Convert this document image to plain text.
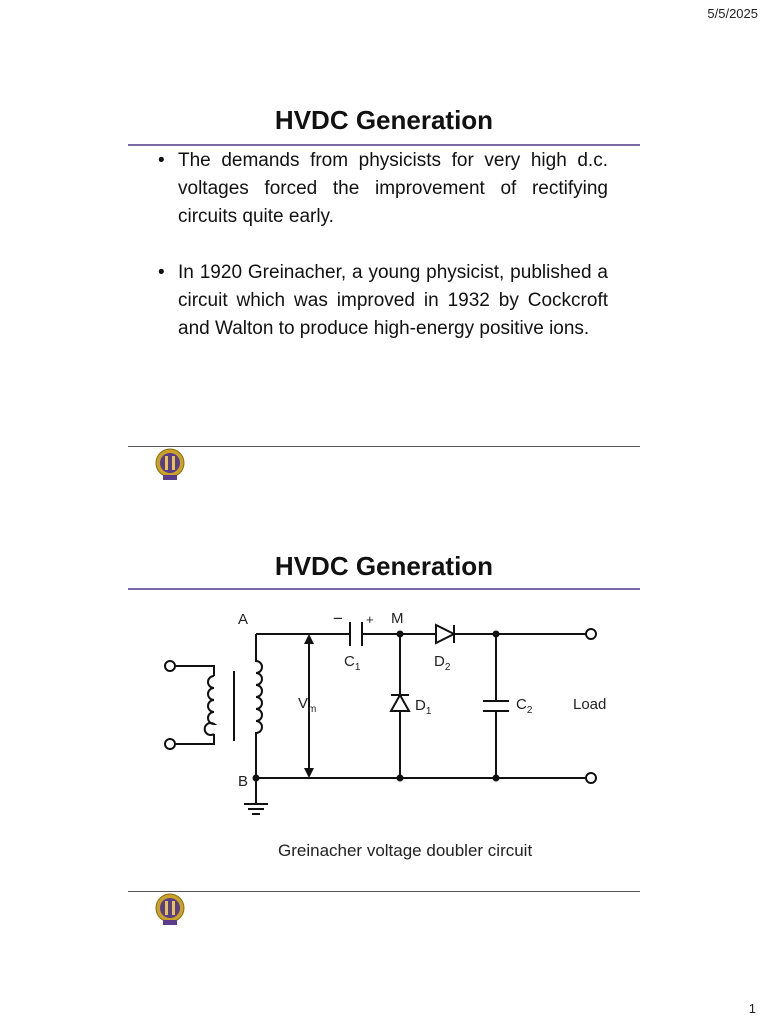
5/5/2025
HVDC Generation
• The demands from physicists for very high d.c. voltages forced the improvement of rectifying circuits quite early.
• In 1920 Greinacher, a young physicist, published a circuit which was improved in 1932 by Cockcroft and Walton to produce high-energy positive ions.
HVDC Generation
A
B
M
− +
$C_1$	$D_2$
$V_m$	$D_1$	$C_2$	Load
Greinacher voltage doubler circuit
1
